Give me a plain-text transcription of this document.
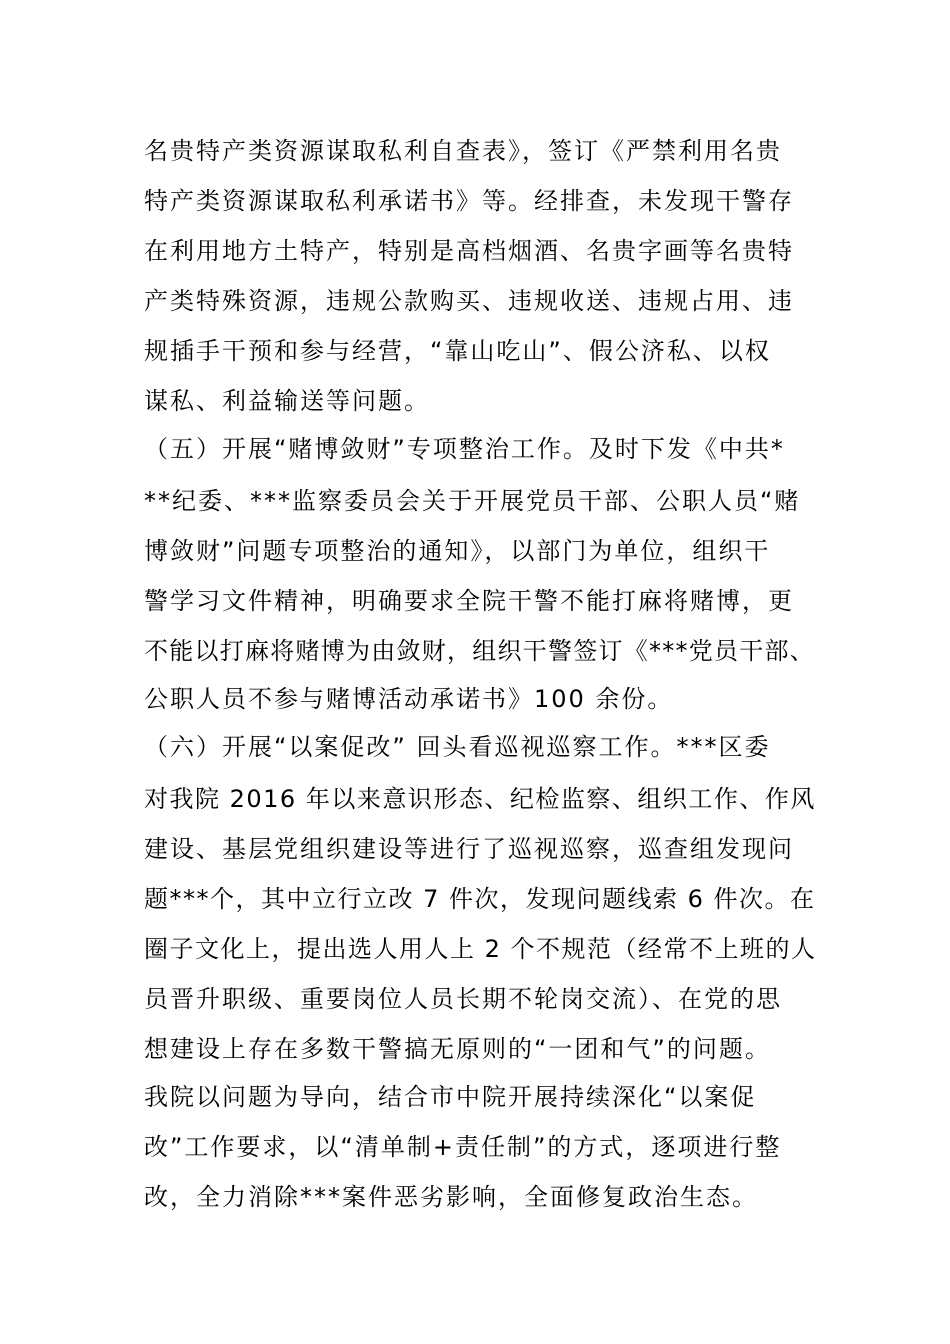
名贵特产类资源谋取私利自查表》，签订《严禁利用名贵
特产类资源谋取私利承诺书》等。经排查，未发现干警存
在利用地方土特产，特别是高档烟酒、名贵字画等名贵特
产类特殊资源，违规公款购买、违规收送、违规占用、违
规插手干预和参与经营，“靠山吃山”、假公济私、以权
谋私、利益输送等问题。
（五）开展“赌博敛财”专项整治工作。及时下发《中共*
**纪委、***监察委员会关于开展党员干部、公职人员“赌
博敛财”问题专项整治的通知》，以部门为单位，组织干
警学习文件精神，明确要求全院干警不能打麻将赌博，更
不能以打麻将赌博为由敛财，组织干警签订《***党员干部、
公职人员不参与赌博活动承诺书》100 余份。
（六）开展“以案促改” 回头看巡视巡察工作。***区委
对我院 2016 年以来意识形态、纪检监察、组织工作、作风
建设、基层党组织建设等进行了巡视巡察，巡查组发现问
题***个，其中立行立改 7 件次，发现问题线索 6 件次。在
圈子文化上，提出选人用人上 2 个不规范（经常不上班的人
员晋升职级、重要岗位人员长期不轮岗交流）、在党的思
想建设上存在多数干警搞无原则的“一团和气”的问题。
我院以问题为导向，结合市中院开展持续深化“以案促
改”工作要求，以“清单制+责任制”的方式，逐项进行整
改，全力消除***案件恶劣影响，全面修复政治生态。
